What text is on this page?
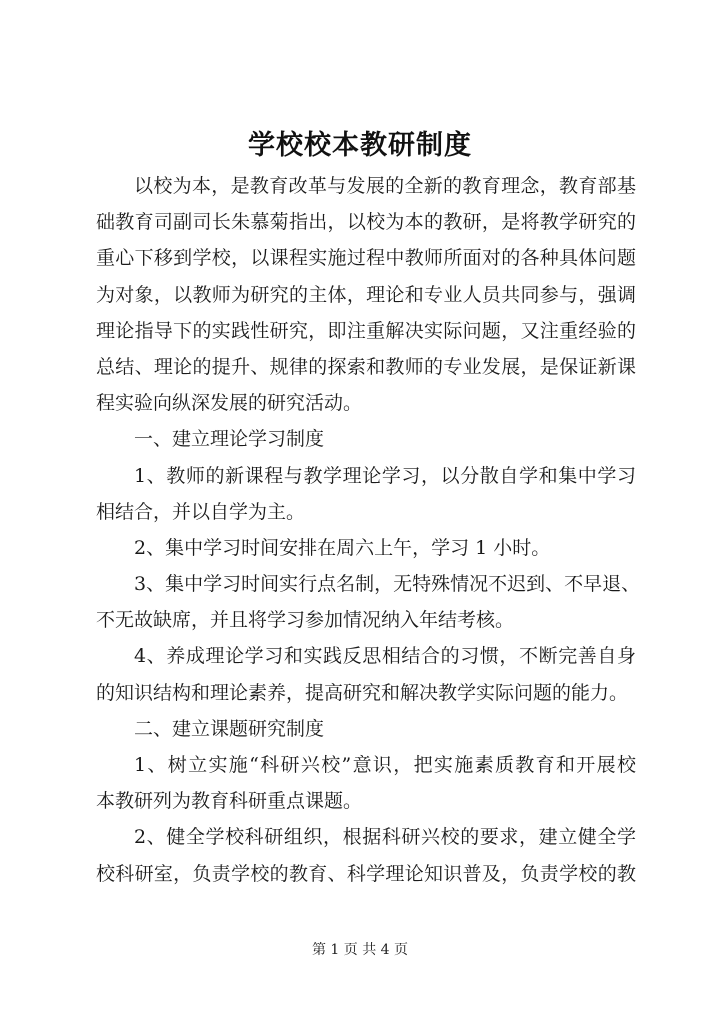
学校校本教研制度
以校为本，是教育改革与发展的全新的教育理念，教育部基
础教育司副司长朱慕菊指出，以校为本的教研，是将教学研究的
重心下移到学校，以课程实施过程中教师所面对的各种具体问题
为对象，以教师为研究的主体，理论和专业人员共同参与，强调
理论指导下的实践性研究，即注重解决实际问题，又注重经验的
总结、理论的提升、规律的探索和教师的专业发展，是保证新课
程实验向纵深发展的研究活动。
一、建立理论学习制度
1、教师的新课程与教学理论学习，以分散自学和集中学习
相结合，并以自学为主。
2、集中学习时间安排在周六上午，学习 1 小时。
3、集中学习时间实行点名制，无特殊情况不迟到、不早退、
不无故缺席，并且将学习参加情况纳入年结考核。
4、养成理论学习和实践反思相结合的习惯，不断完善自身
的知识结构和理论素养，提高研究和解决教学实际问题的能力。
二、建立课题研究制度
1、树立实施“科研兴校”意识，把实施素质教育和开展校
本教研列为教育科研重点课题。
2、健全学校科研组织，根据科研兴校的要求，建立健全学
校科研室，负责学校的教育、科学理论知识普及，负责学校的教
第 1 页 共 4 页
